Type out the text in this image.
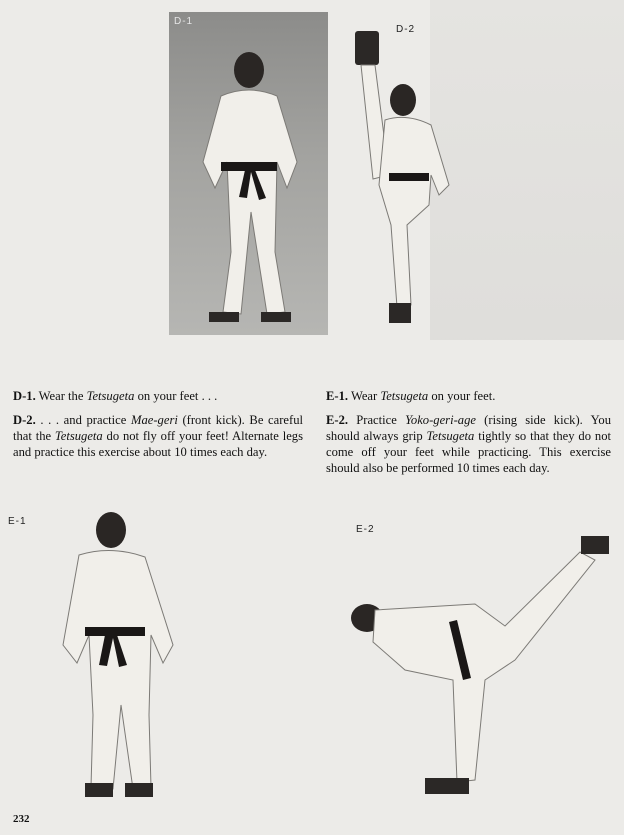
D-1
D-2
D-1. Wear the Tetsugeta on your feet . . .
D-2. . . . and practice Mae-geri (front kick). Be careful that the Tetsugeta do not fly off your feet! Alternate legs and practice this exercise about 10 times each day.
E-1. Wear Tetsugeta on your feet.
E-2. Practice Yoko-geri-age (rising side kick). You should always grip Tetsugeta tightly so that they do not come off your feet while practicing. This exercise should also be performed 10 times each day.
E-1
E-2
232
